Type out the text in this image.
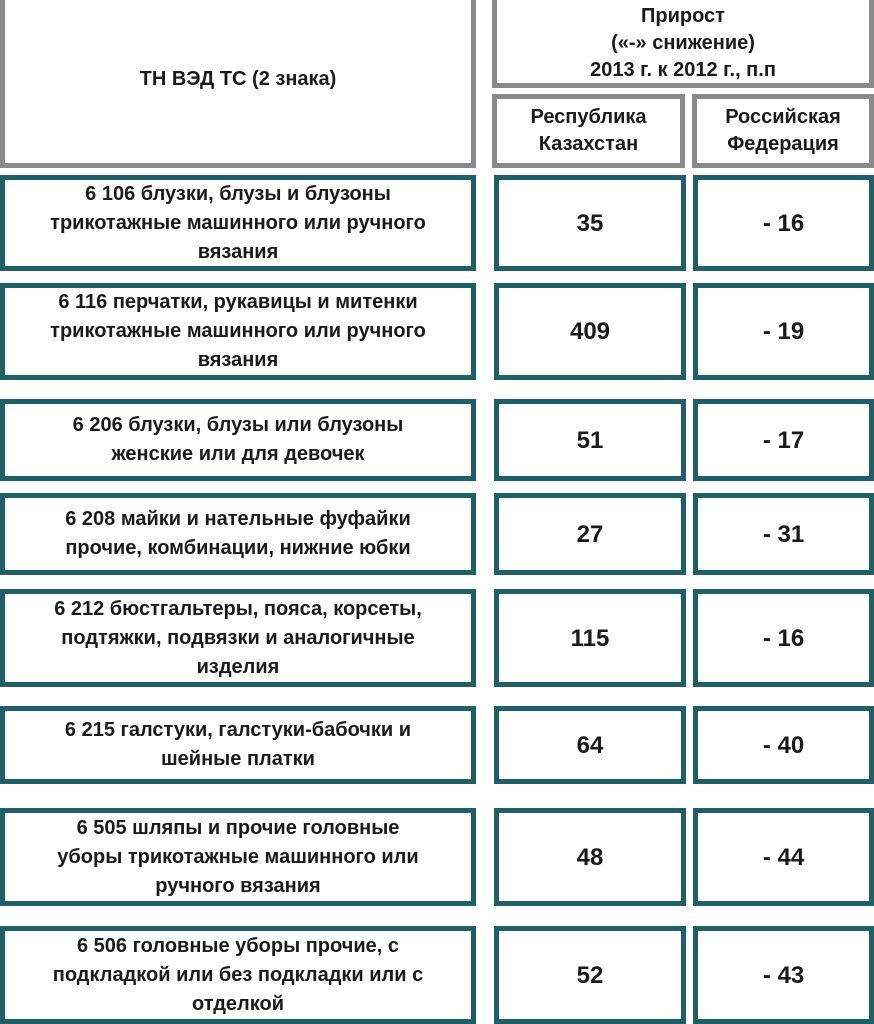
ТН ВЭД ТС (2 знака)
Прирост
(«-» снижение)
2013 г. к 2012 г., п.п
Республика
Казахстан
Российская
Федерация
6 106 блузки, блузы и блузоны
трикотажные машинного или ручного
вязания
35	- 16
6 116 перчатки, рукавицы и митенки
трикотажные машинного или ручного
вязания
409	- 19
6 206 блузки, блузы или блузоны
женские или для девочек
51	- 17
6 208 майки и нательные фуфайки
прочие, комбинации, нижние юбки
27	- 31
6 212 бюстгальтеры, пояса, корсеты,
подтяжки, подвязки и аналогичные
изделия
115	- 16
6 215 галстуки, галстуки-бабочки и
шейные платки
64	- 40
6 505 шляпы и прочие головные
уборы трикотажные машинного или
ручного вязания
48	- 44
6 506 головные уборы прочие, с
подкладкой или без подкладки или с
отделкой
52	- 43
